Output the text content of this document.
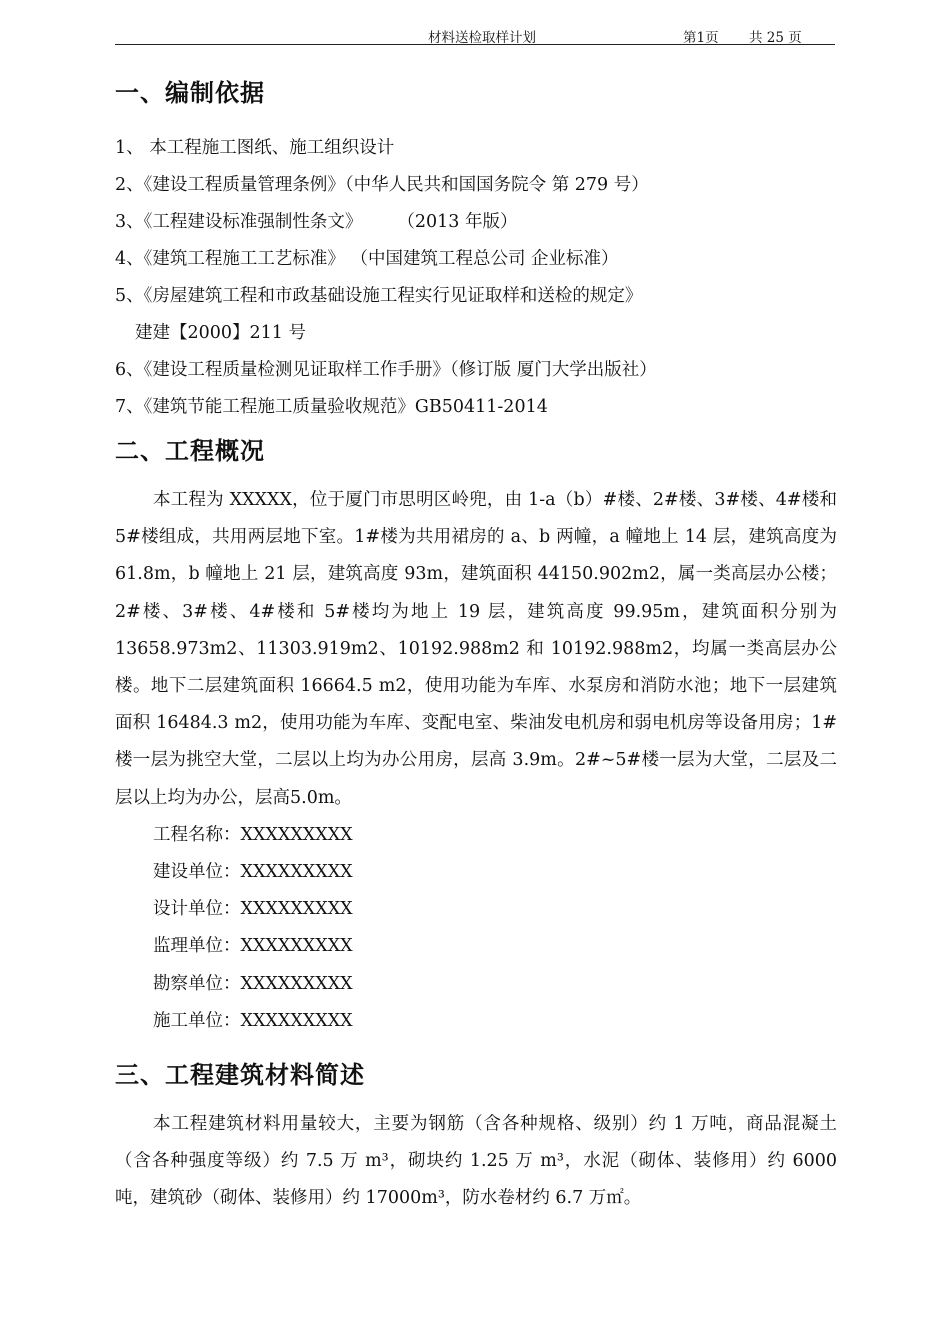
材料送检取样计划	第1页 共 25 页
一、编制依据
1、 本工程施工图纸、施工组织设计
2、《建设工程质量管理条例》（中华人民共和国国务院令 第 279 号）
3、《工程建设标准强制性条文》　　　（2013 年版）
4、《建筑工程施工工艺标准》 （中国建筑工程总公司 企业标准）
5、《房屋建筑工程和市政基础设施工程实行见证取样和送检的规定》
建建【2000】211 号
6、《建设工程质量检测见证取样工作手册》（修订版 厦门大学出版社）
7、《建筑节能工程施工质量验收规范》GB50411-2014
二、工程概况

本工程为 XXXXX，位于厦门市思明区岭兜，由 1-a（b）#楼、2#楼、3#楼、4#楼和 5#楼组成，共用两层地下室。1#楼为共用裙房的 a、b 两幢，a 幢地上 14 层，建筑高度为 61.8m，b 幢地上 21 层，建筑高度 93m，建筑面积 44150.902m2，属一类高层办公楼；2#楼、3#楼、4#楼和 5#楼均为地上 19 层，建筑高度 99.95m，建筑面积分别为 13658.973m2、11303.919m2、10192.988m2 和 10192.988m2，均属一类高层办公楼。地下二层建筑面积 16664.5 m2，使用功能为车库、水泵房和消防水池；地下一层建筑面积 16484.3 m2，使用功能为车库、变配电室、柴油发电机房和弱电机房等设备用房；1#楼一层为挑空大堂，二层以上均为办公用房，层高 3.9m。2#~5#楼一层为大堂，二层及二层以上均为办公，层高5.0m。

工程名称：XXXXXXXXX
建设单位：XXXXXXXXX
设计单位：XXXXXXXXX
监理单位：XXXXXXXXX
勘察单位：XXXXXXXXX
施工单位：XXXXXXXXX
三、工程建筑材料简述

本工程建筑材料用量较大，主要为钢筋（含各种规格、级别）约 1 万吨，商品混凝土（含各种强度等级）约 7.5 万 m³，砌块约 1.25 万 m³，水泥（砌体、装修用）约 6000 吨，建筑砂（砌体、装修用）约 17000m³，防水卷材约 6.7 万㎡。
